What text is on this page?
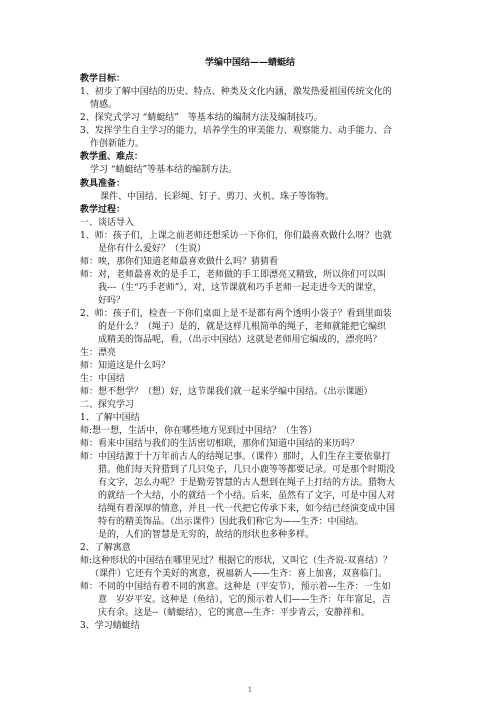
学编中国结——蜻蜓结
教学目标：
1、初步了解中国结的历史、特点、种类及文化内涵，激发热爱祖国传统文化的
情感。
2、探究式学习 “蜻蜓结”　等基本结的编制方法及编制技巧。
3、发挥学生自主学习的能力，培养学生的审美能力、观察能力、动手能力、合
作创新能力。
教学重、难点：
学习 “蜻蜓结”等基本结的编制方法。
教具准备：
课件、中国结、长彩绳、钉子、剪刀、火机、珠子等饰物。
教学过程：
一、谈话导入
1、师：孩子们，上课之前老师还想采访一下你们，你们最喜欢做什么呀？也就
是你有什么爱好？（生说）
师：唉，那你们知道老师最喜欢做什么吗？猜猜看
师：对，老师最喜欢的是手工，老师做的手工即漂亮又精致，所以你们可以叫
我---（生“巧手老师”），对，这节课就和巧手老师一起走进今天的课堂，
好吗？
2、师：孩子们，检查一下你们桌面上是不是都有两个透明小袋子？看到里面装
的是什么？（绳子）是的，就是这样几根简单的绳子，老师就能把它编织
成精美的饰品呢，看，（出示中国结）这就是老师用它编成的，漂亮吗？
生：漂亮
师：知道这是什么吗？
生：中国结
师：想不想学？（想）好，这节课我们就一起来学编中国结。（出示课题）
二、探究学习
1、了解中国结
师:想一想，生活中，你在哪些地方见到过中国结？（生答）
师：看来中国结与我们的生活密切相联，那你们知道中国结的来历吗？
师：中国结源于十万年前古人的结绳记事。（课件）那时，人们生存主要依靠打
猎。他们每天狩猎到了几只兔子，几只小鹿等等都要记录。可是那个时期没
有文字，怎么办呢？于是勤劳智慧的古人想到在绳子上打结的方法。猎物大
的就结一个大结，小的就结一个小结。后来，虽然有了文字，可是中国人对
结绳有着深厚的情意，并且一代一代把它传承下来，如今结已经演变成中国
特有的精美饰品。（出示课件）因此我们称它为——生齐：中国结。
是的，人们的智慧是无穷的，故结的形状也多种多样。
2、了解寓意
师:这种形状的中国结在哪里见过？根据它的形状，又叫它（生齐说-双喜结）？
（课件）它还有个美好的寓意，祝福新人——生齐：喜上加喜，双喜临门。
师：不同的中国结有着不同的寓意。这种是（平安节），预示着---生齐：一生如
意　岁岁平安。这种是（鱼结），它的预示着人们——生齐：年年富足，吉
庆有余。这是--（蜻蜓结），它的寓意---生齐：平步青云，安静祥和。
3、学习蜻蜓结
1
